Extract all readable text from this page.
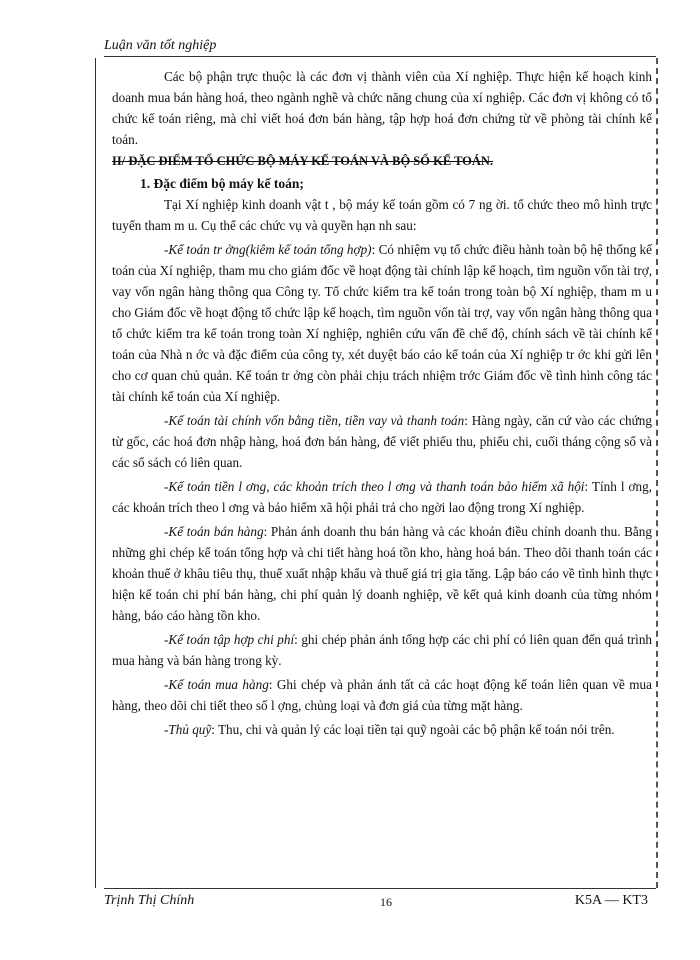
Luận văn tốt nghiệp

Các bộ phận trực thuộc là các đơn vị thành viên của Xí nghiệp. Thực hiện kế hoạch kinh doanh mua bán hàng hoá, theo ngành nghề và chức năng chung của xí nghiệp. Các đơn vị không có tổ chức kế toán riêng, mà chỉ viết hoá đơn bán hàng, tập hợp hoá đơn chứng từ về phòng tài chính kế toán.

II/ ĐẶC ĐIỂM TỔ CHỨC BỘ MÁY KẾ TOÁN VÀ BỘ SỔ KẾ TOÁN.

1. Đặc điểm bộ máy kế toán;

Tại Xí nghiệp kinh doanh vật t , bộ máy kế toán gồm có 7 ng ời. tổ chức theo mô hình trực tuyến tham m u. Cụ thể các chức vụ và quyền hạn nh sau:

-Kế toán tr ởng(kiêm kế toán tổng hợp): Có nhiệm vụ tổ chức điều hành toàn bộ hệ thống kế toán của Xí nghiệp, tham mu cho giám đốc về hoạt động tài chính lập kế hoạch, tìm nguồn vốn tài trợ, vay vốn ngân hàng thông qua Công ty. Tổ chức kiểm tra kế toán trong toàn bộ Xí nghiệp, tham m u cho Giám đốc về hoạt động tổ chức lập kế hoạch, tìm nguồn vốn tài trợ, vay vốn ngân hàng thông qua tổ chức kiểm tra kế toán trong toàn Xí nghiệp, nghiên cứu vấn đề chế độ, chính sách về tài chính kế toán của Nhà n ớc và đặc điểm của công ty, xét duyệt báo cáo kế toán của Xí nghiệp tr ớc khi gửi lên cho cơ quan chủ quản. Kế toán tr ởng còn phải chịu trách nhiệm trớc Giám đốc về tình hình công tác tài chính kế toán của Xí nghiệp.

-Kế toán tài chính vốn bằng tiền, tiền vay và thanh toán: Hàng ngày, căn cứ vào các chứng từ gốc, các hoá đơn nhập hàng, hoá đơn bán hàng, để viết phiếu thu, phiếu chi, cuối tháng cộng sổ và các sổ sách có liên quan.

-Kế toán tiền l ơng, các khoản trích theo l ơng và thanh toán bảo hiểm xã hội: Tính l ơng, các khoản trích theo l ơng và bảo hiểm xã hội phải trả cho ngời lao động trong Xí nghiệp.

-Kế toán bán hàng: Phản ánh doanh thu bán hàng và các khoản điều chỉnh doanh thu. Bằng những ghi chép kế toán tổng hợp và chi tiết hàng hoá tồn kho, hàng hoá bán. Theo dõi thanh toán các khoản thuế ở khâu tiêu thụ, thuế xuất nhập khẩu và thuế giá trị gia tăng. Lập báo cáo về tình hình thực hiện kế toán chi phí bán hàng, chi phí quản lý doanh nghiệp, về kết quả kinh doanh của từng nhóm hàng, báo cáo hàng tồn kho.

-Kế toán tập hợp chi phí: ghi chép phản ánh tổng hợp các chi phí có liên quan đến quá trình mua hàng và bán hàng trong kỳ.

-Kế toán mua hàng: Ghi chép và phản ánh tất cả các hoạt động kế toán liên quan về mua hàng, theo dõi chi tiết theo số l ợng, chủng loại và đơn giá của từng mặt hàng.

-Thủ quỹ: Thu, chi và quản lý các loại tiền tại quỹ ngoài các bộ phận kế toán nói trên.

Trịnh Thị Chính	16	K5A — KT3
